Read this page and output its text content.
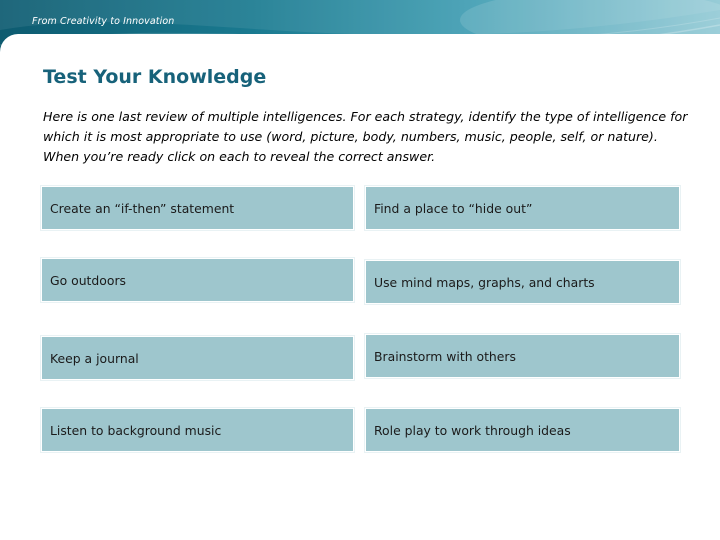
From Creativity to Innovation
Test Your Knowledge
Here is one last review of multiple intelligences. For each strategy, identify the type of intelligence for which it is most appropriate to use (word, picture, body, numbers, music, people, self, or nature). When you’re ready click on each to reveal the correct answer.
Create an “if-then” statement	Find a place to “hide out”
Go outdoors	Use mind maps, graphs, and charts
Keep a journal	Brainstorm with others
Listen to background music	Role play to work through ideas
